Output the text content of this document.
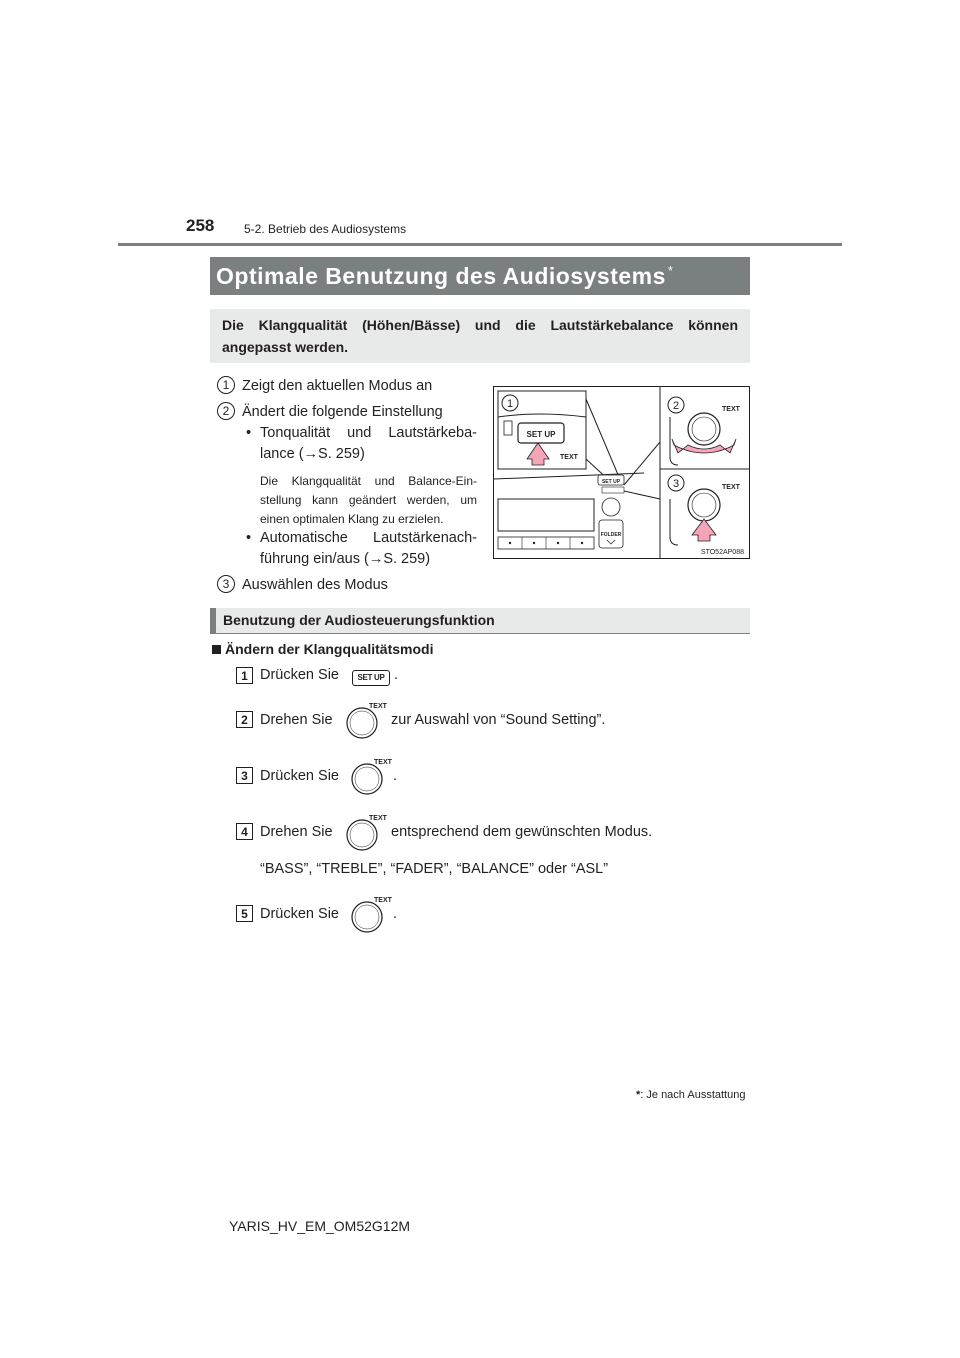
258 5-2. Betrieb des Audiosystems
Optimale Benutzung des Audiosystems*
Die Klangqualität (Höhen/Bässe) und die Lautstärkebalance können angepasst werden.
1 Zeigt den aktuellen Modus an
2 Ändert die folgende Einstellung
• Tonqualität und Lautstärkeba-
lance (→S. 259)
Die Klangqualität und Balance-Ein-
stellung kann geändert werden, um
einen optimalen Klang zu erzielen.
• Automatische Lautstärkenach-
führung ein/aus (→S. 259)
3 Auswählen des Modus
SET UP
TEXT
1
SET UP
FOLDER
TEXT
2
TEXT
3
STO52AP088
Benutzung der Audiosteuerungsfunktion
Ändern der Klangqualitätsmodi
1 Drücken Sie	SET UP .
2 Drehen Sie
TEXT
zur Auswahl von “Sound Setting”.
3 Drücken Sie
TEXT
.
4 Drehen Sie
TEXT
entsprechend dem gewünschten Modus.
“BASS”, “TREBLE”, “FADER”, “BALANCE” oder “ASL”
5 Drücken Sie
TEXT
.
*: Je nach Ausstattung
YARIS_HV_EM_OM52G12M
